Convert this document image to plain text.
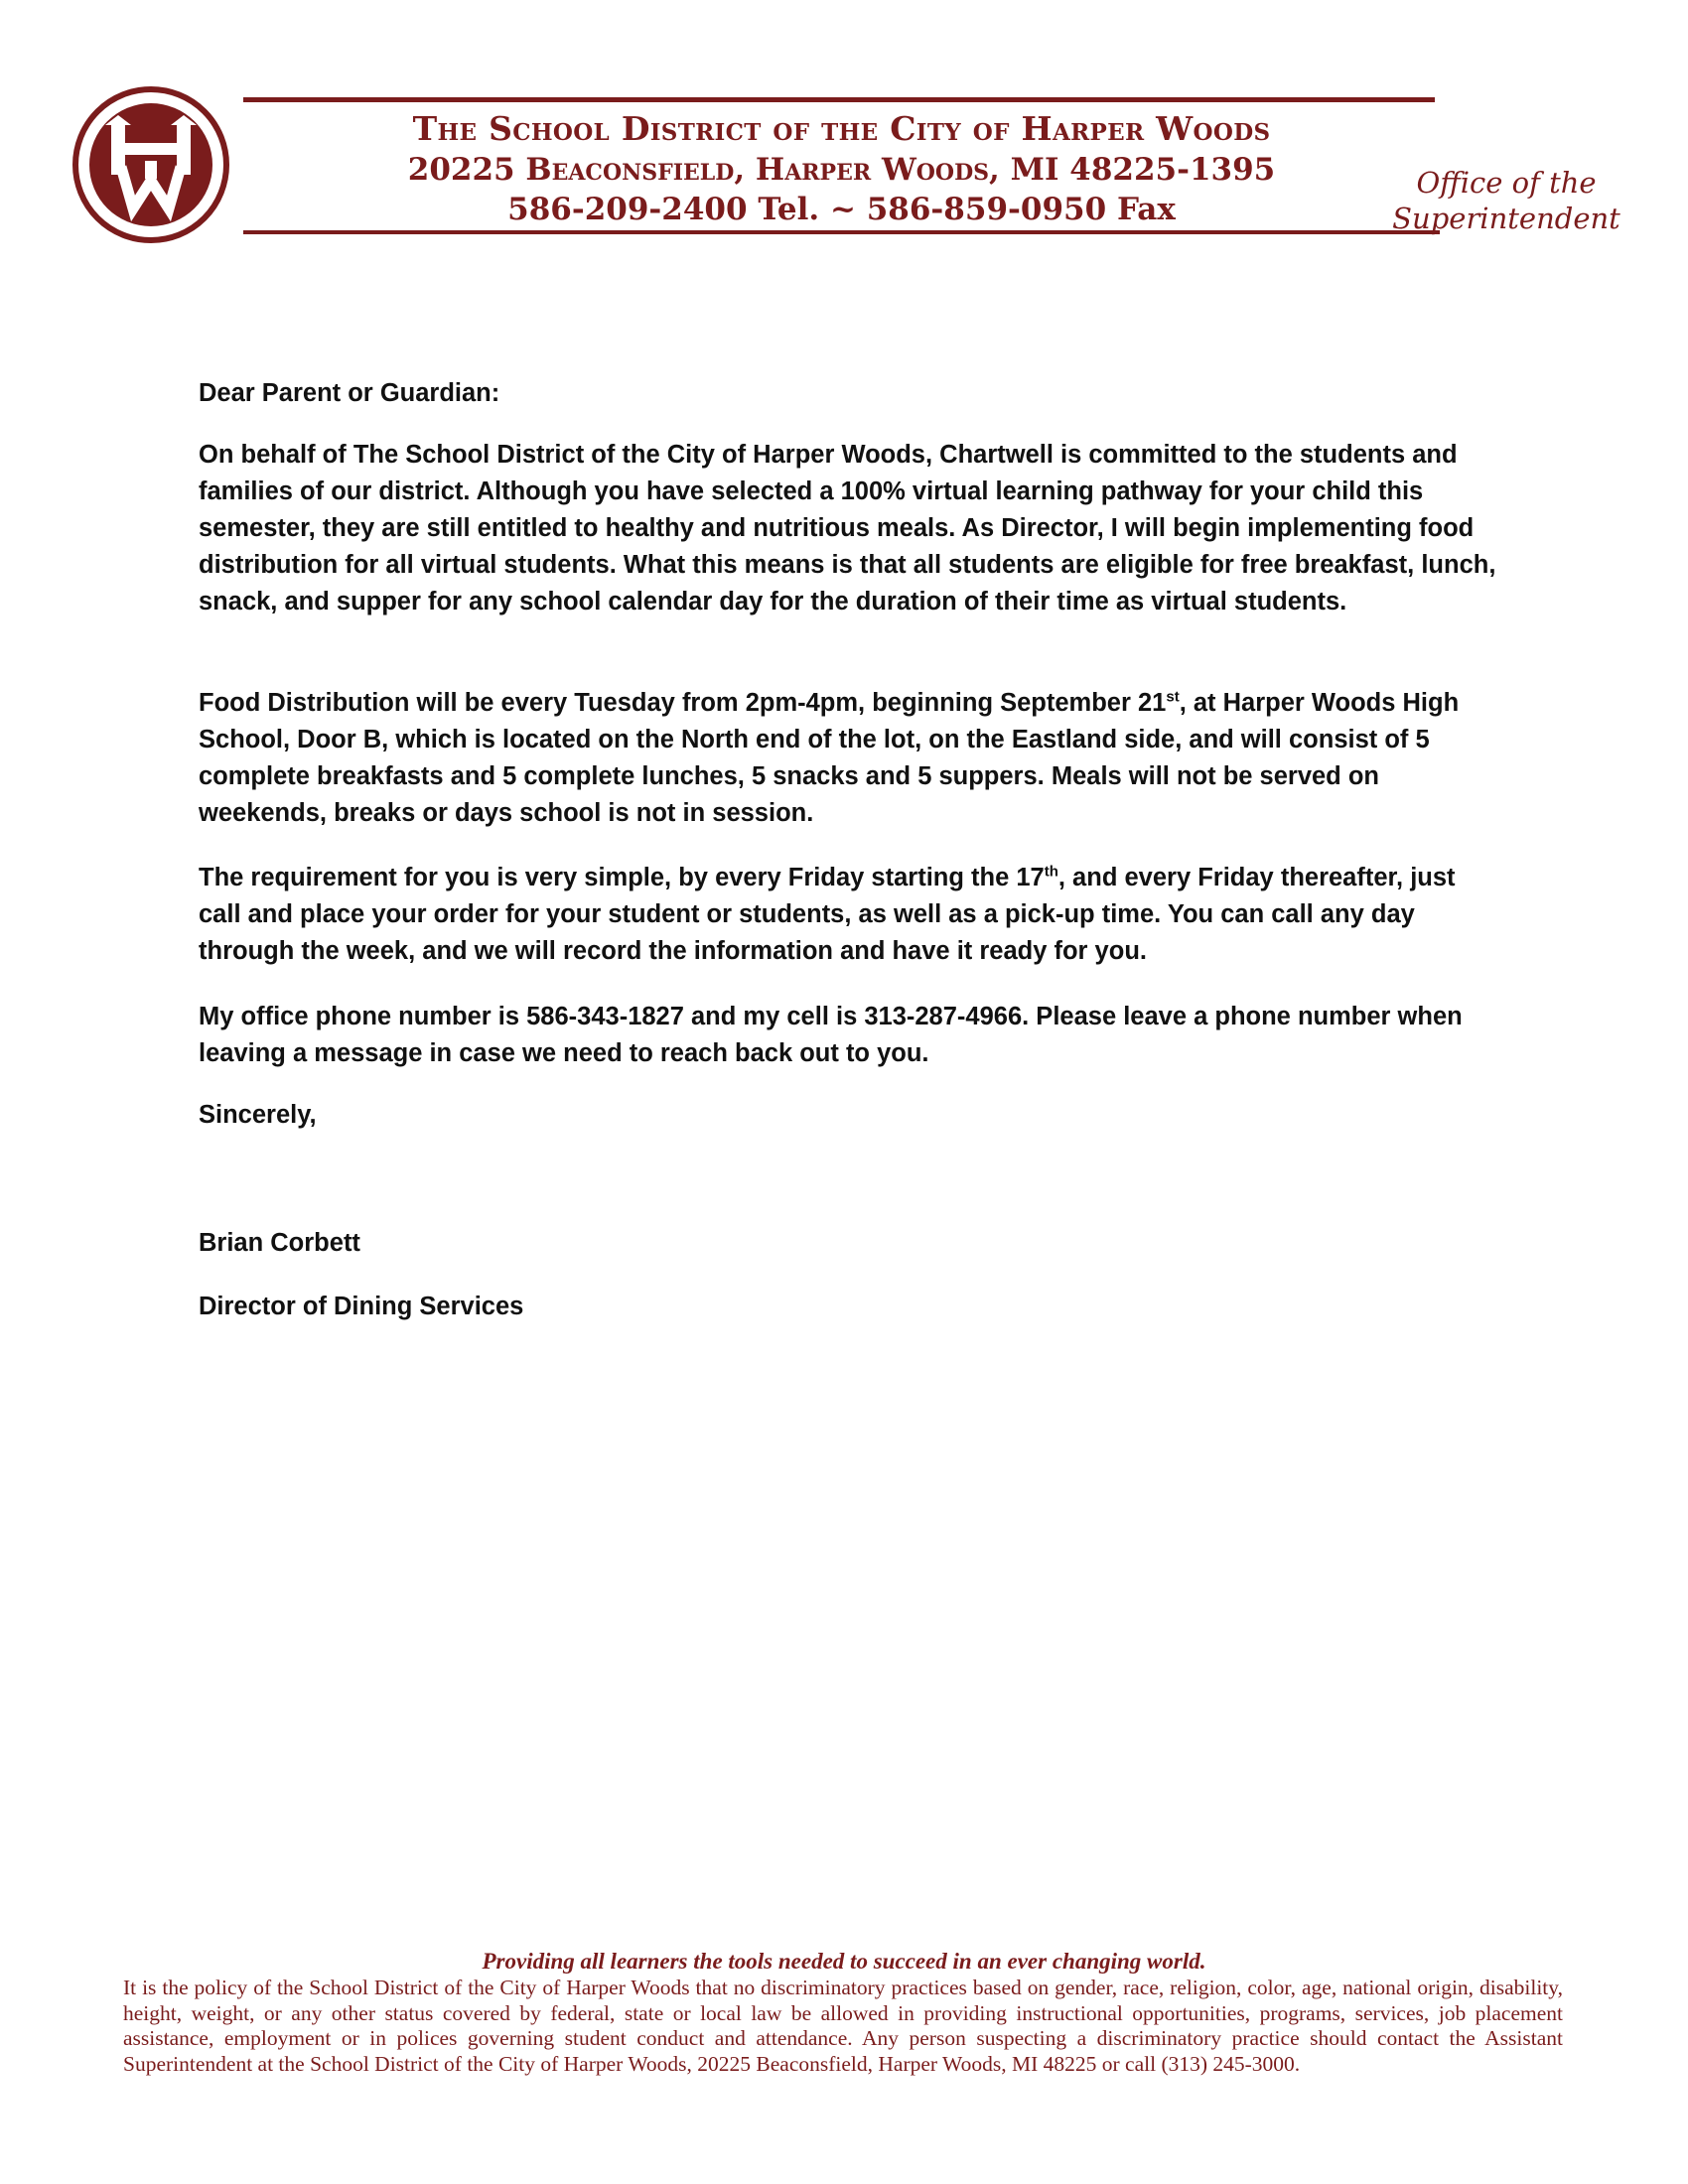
The School District of the City of Harper Woods
20225 Beaconsfield, Harper Woods, MI 48225-1395
586-209-2400 Tel. ~ 586-859-0950 Fax
Office of the
Superintendent

Dear Parent or Guardian:

On behalf of The School District of the City of Harper Woods, Chartwell is committed to the students and families of our district. Although you have selected a 100% virtual learning pathway for your child this semester, they are still entitled to healthy and nutritious meals. As Director, I will begin implementing food distribution for all virtual students. What this means is that all students are eligible for free breakfast, lunch, snack, and supper for any school calendar day for the duration of their time as virtual students.

Food Distribution will be every Tuesday from 2pm-4pm, beginning September 21st, at Harper Woods High School, Door B, which is located on the North end of the lot, on the Eastland side, and will consist of 5 complete breakfasts and 5 complete lunches, 5 snacks and 5 suppers. Meals will not be served on weekends, breaks or days school is not in session.

The requirement for you is very simple, by every Friday starting the 17th, and every Friday thereafter, just call and place your order for your student or students, as well as a pick-up time. You can call any day through the week, and we will record the information and have it ready for you.

My office phone number is 586-343-1827 and my cell is 313-287-4966. Please leave a phone number when leaving a message in case we need to reach back out to you.

Sincerely,

Brian Corbett

Director of Dining Services

Providing all learners the tools needed to succeed in an ever changing world.

It is the policy of the School District of the City of Harper Woods that no discriminatory practices based on gender, race, religion, color, age, national origin, disability, height, weight, or any other status covered by federal, state or local law be allowed in providing instructional opportunities, programs, services, job placement assistance, employment or in polices governing student conduct and attendance. Any person suspecting a discriminatory practice should contact the Assistant Superintendent at the School District of the City of Harper Woods, 20225 Beaconsfield, Harper Woods, MI 48225 or call (313) 245-3000.
